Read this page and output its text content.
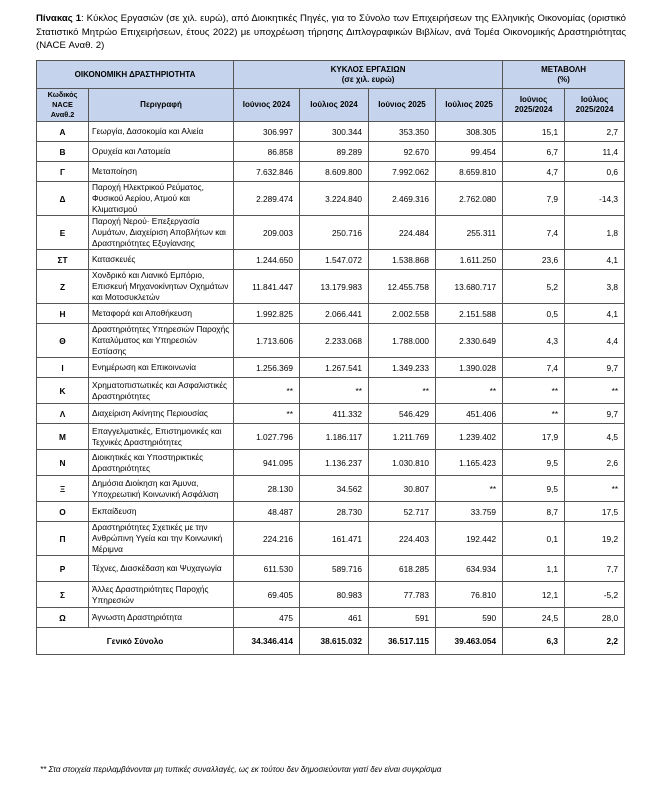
Πίνακας 1: Κύκλος Εργασιών (σε χιλ. ευρώ), από Διοικητικές Πηγές, για το Σύνολο των Επιχειρήσεων της Ελληνικής Οικονομίας (οριστικό Στατιστικό Μητρώο Επιχειρήσεων, έτους 2022) με υποχρέωση τήρησης Διπλογραφικών Βιβλίων, ανά Τομέα Οικονομικής Δραστηριότητας (NACE Αναθ. 2)
ΟΙΚΟΝΟΜΙΚΗ ΔΡΑΣΤΗΡΙΟΤΗΤΑ		ΚΥΚΛΟΣ ΕΡΓΑΣΙΩΝ
(σε χιλ. ευρώ)				ΜΕΤΑΒΟΛΗ
(%)	
Κωδικός NACE Αναθ.2	Περιγραφή	Ιούνιος 2024	Ιούλιος 2024	Ιούνιος 2025	Ιούλιος 2025	Ιούνιος 2025/2024	Ιούλιος 2025/2024
Α	Γεωργία, Δασοκομία και Αλιεία	306.997	300.344	353.350	308.305	15,1	2,7
Β	Ορυχεία και Λατομεία	86.858	89.289	92.670	99.454	6,7	11,4
Γ	Μεταποίηση	7.632.846	8.609.800	7.992.062	8.659.810	4,7	0,6
Δ	Παροχή Ηλεκτρικού Ρεύματος, Φυσικού Αερίου, Ατμού και Κλιματισμού	2.289.474	3.224.840	2.469.316	2.762.080	7,9	-14,3
Ε	Παροχή Νερού· Επεξεργασία Λυμάτων, Διαχείριση Αποβλήτων και Δραστηριότητες Εξυγίανσης	209.003	250.716	224.484	255.311	7,4	1,8
ΣΤ	Κατασκευές	1.244.650	1.547.072	1.538.868	1.611.250	23,6	4,1
Ζ	Χονδρικό και Λιανικό Εμπόριο, Επισκευή Μηχανοκίνητων Οχημάτων και Μοτοσυκλετών	11.841.447	13.179.983	12.455.758	13.680.717	5,2	3,8
Η	Μεταφορά και Αποθήκευση	1.992.825	2.066.441	2.002.558	2.151.588	0,5	4,1
Θ	Δραστηριότητες Υπηρεσιών Παροχής Καταλύματος και Υπηρεσιών Εστίασης	1.713.606	2.233.068	1.788.000	2.330.649	4,3	4,4
Ι	Ενημέρωση και Επικοινωνία	1.256.369	1.267.541	1.349.233	1.390.028	7,4	9,7
Κ	Χρηματοπιστωτικές και Ασφαλιστικές Δραστηριότητες	**	**	**	**	**	**
Λ	Διαχείριση Ακίνητης Περιουσίας	**	411.332	546.429	451.406	**	9,7
Μ	Επαγγελματικές, Επιστημονικές και Τεχνικές Δραστηριότητες	1.027.796	1.186.117	1.211.769	1.239.402	17,9	4,5
Ν	Διοικητικές και Υποστηρικτικές Δραστηριότητες	941.095	1.136.237	1.030.810	1.165.423	9,5	2,6
Ξ	Δημόσια Διοίκηση και Άμυνα, Υποχρεωτική Κοινωνική Ασφάλιση	28.130	34.562	30.807	**	9,5	**
Ο	Εκπαίδευση	48.487	28.730	52.717	33.759	8,7	17,5
Π	Δραστηριότητες Σχετικές με την Ανθρώπινη Υγεία και την Κοινωνική Μέριμνα	224.216	161.471	224.403	192.442	0,1	19,2
Ρ	Τέχνες, Διασκέδαση και Ψυχαγωγία	611.530	589.716	618.285	634.934	1,1	7,7
Σ	Άλλες Δραστηριότητες Παροχής Υπηρεσιών	69.405	80.983	77.783	76.810	12,1	-5,2
Ω	Άγνωστη Δραστηριότητα	475	461	591	590	24,5	28,0
Γενικό Σύνολο		34.346.414	38.615.032	36.517.115	39.463.054	6,3	2,2
** Στα στοιχεία περιλαμβάνονται μη τυπικές συναλλαγές, ως εκ τούτου δεν δημοσιεύονται γιατί δεν είναι συγκρίσιμα
